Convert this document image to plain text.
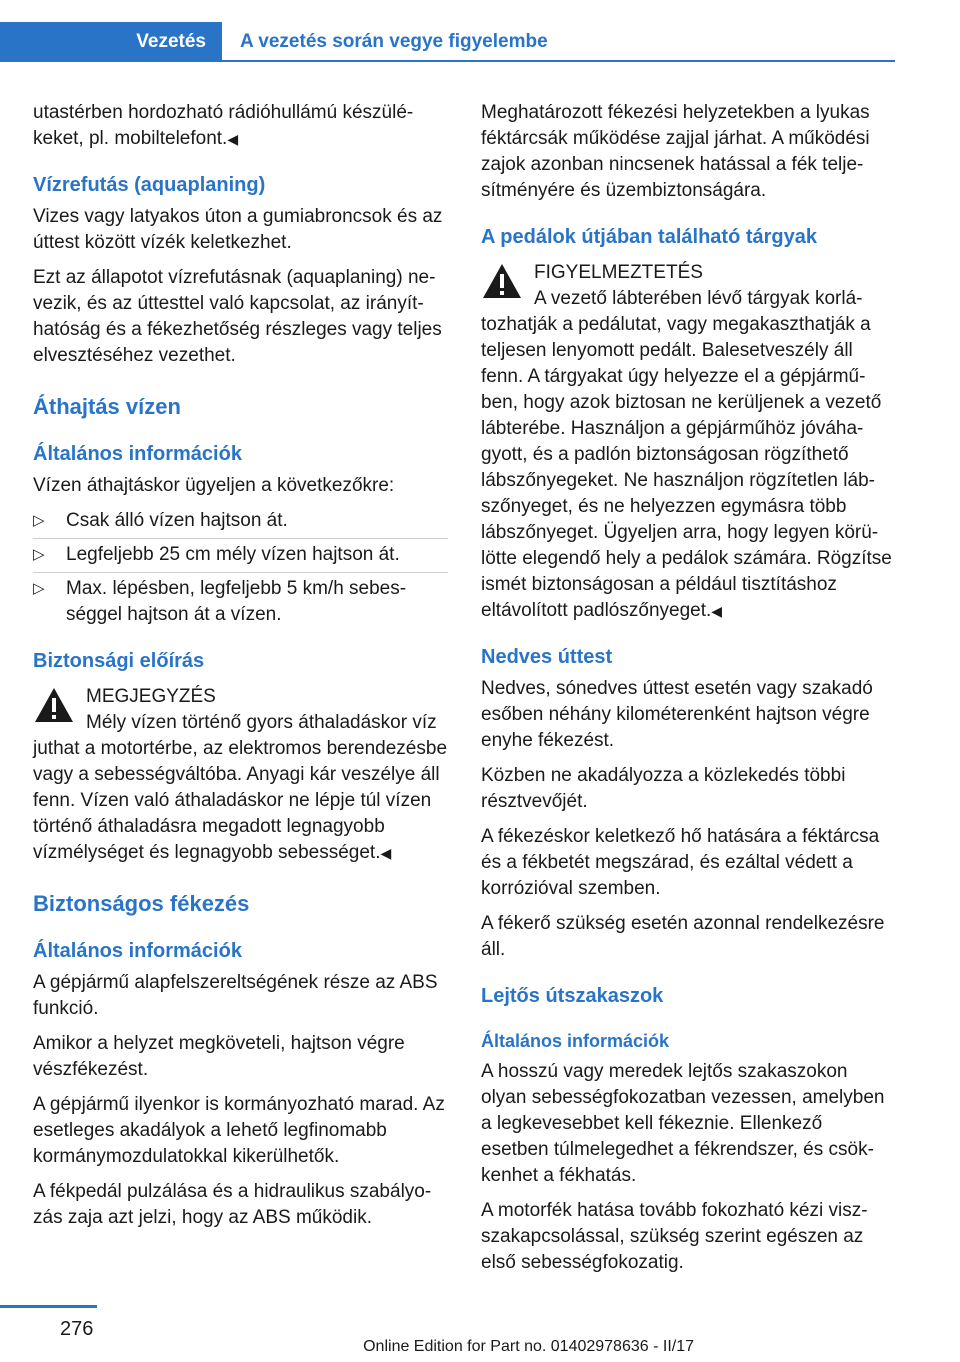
Vezetés	A vezetés során vegye figyelembe

utastérben hordozható rádióhullámú készülékeket, pl. mobiltelefont.◀

Vízrefutás (aquaplaning)

Vizes vagy latyakos úton a gumiabroncsok és az úttest között vízék keletkezhet.

Ezt az állapotot vízrefutásnak (aquaplaning) nevezik, és az úttesttel való kapcsolat, az irányíthatóság és a fékezhetőség részleges vagy teljes elvesztéséhez vezethet.

Áthajtás vízen
Általános információk

Vízen áthajtáskor ügyeljen a következőkre:

▷ Csak álló vízen hajtson át.
▷ Legfeljebb 25 cm mély vízen hajtson át.
▷ Max. lépésben, legfeljebb 5 km/h sebességgel hajtson át a vízen.
Biztonsági előírás
MEGJEGYZÉS
Mély vízen történő gyors áthaladáskor víz juthat a motortérbe, az elektromos berendezésbe vagy a sebességváltóba. Anyagi kár veszélye áll fenn. Vízen való áthaladáskor ne lépje túl vízen történő áthaladásra megadott legnagyobb vízmélységet és legnagyobb sebességet.◀
Biztonságos fékezés
Általános információk

A gépjármű alapfelszereltségének része az ABS funkció.

Amikor a helyzet megköveteli, hajtson végre vészfékezést.

A gépjármű ilyenkor is kormányozható marad. Az esetleges akadályok a lehető legfinomabb kormánymozdulatokkal kikerülhetők.

A fékpedál pulzálása és a hidraulikus szabályozás zaja azt jelzi, hogy az ABS működik.

Meghatározott fékezési helyzetekben a lyukas féktárcsák működése zajjal járhat. A működési zajok azonban nincsenek hatással a fék teljesítményére és üzembiztonságára.

A pedálok útjában található tárgyak
FIGYELMEZTETÉS
A vezető lábterében lévő tárgyak korlátozhatják a pedálutat, vagy megakaszthatják a teljesen lenyomott pedált. Balesetveszély áll fenn. A tárgyakat úgy helyezze el a gépjárműben, hogy azok biztosan ne kerüljenek a vezető lábterébe. Használjon a gépjárműhöz jóváhagyott, és a padlón biztonságosan rögzíthető lábszőnyegeket. Ne használjon rögzítetlen lábszőnyeget, és ne helyezzen egymásra több lábszőnyeget. Ügyeljen arra, hogy legyen körülötte elegendő hely a pedálok számára. Rögzítse ismét biztonságosan a például tisztításhoz eltávolított padlószőnyeget.◀
Nedves úttest

Nedves, sónedves úttest esetén vagy szakadó esőben néhány kilométerenként hajtson végre enyhe fékezést.

Közben ne akadályozza a közlekedés többi résztvevőjét.

A fékezéskor keletkező hő hatására a féktárcsa és a fékbetét megszárad, és ezáltal védett a korrózióval szemben.

A fékerő szükség esetén azonnal rendelkezésre áll.

Lejtős útszakaszok
Általános információk

A hosszú vagy meredek lejtős szakaszokon olyan sebességfokozatban vezessen, amelyben a legkevesebbet kell fékeznie. Ellenkező esetben túlmelegedhet a fékrendszer, és csökkenhet a fékhatás.

A motorfék hatása tovább fokozható kézi viszszakapcsolással, szükség szerint egészen az első sebességfokozatig.

276
Online Edition for Part no. 01402978636 - II/17
